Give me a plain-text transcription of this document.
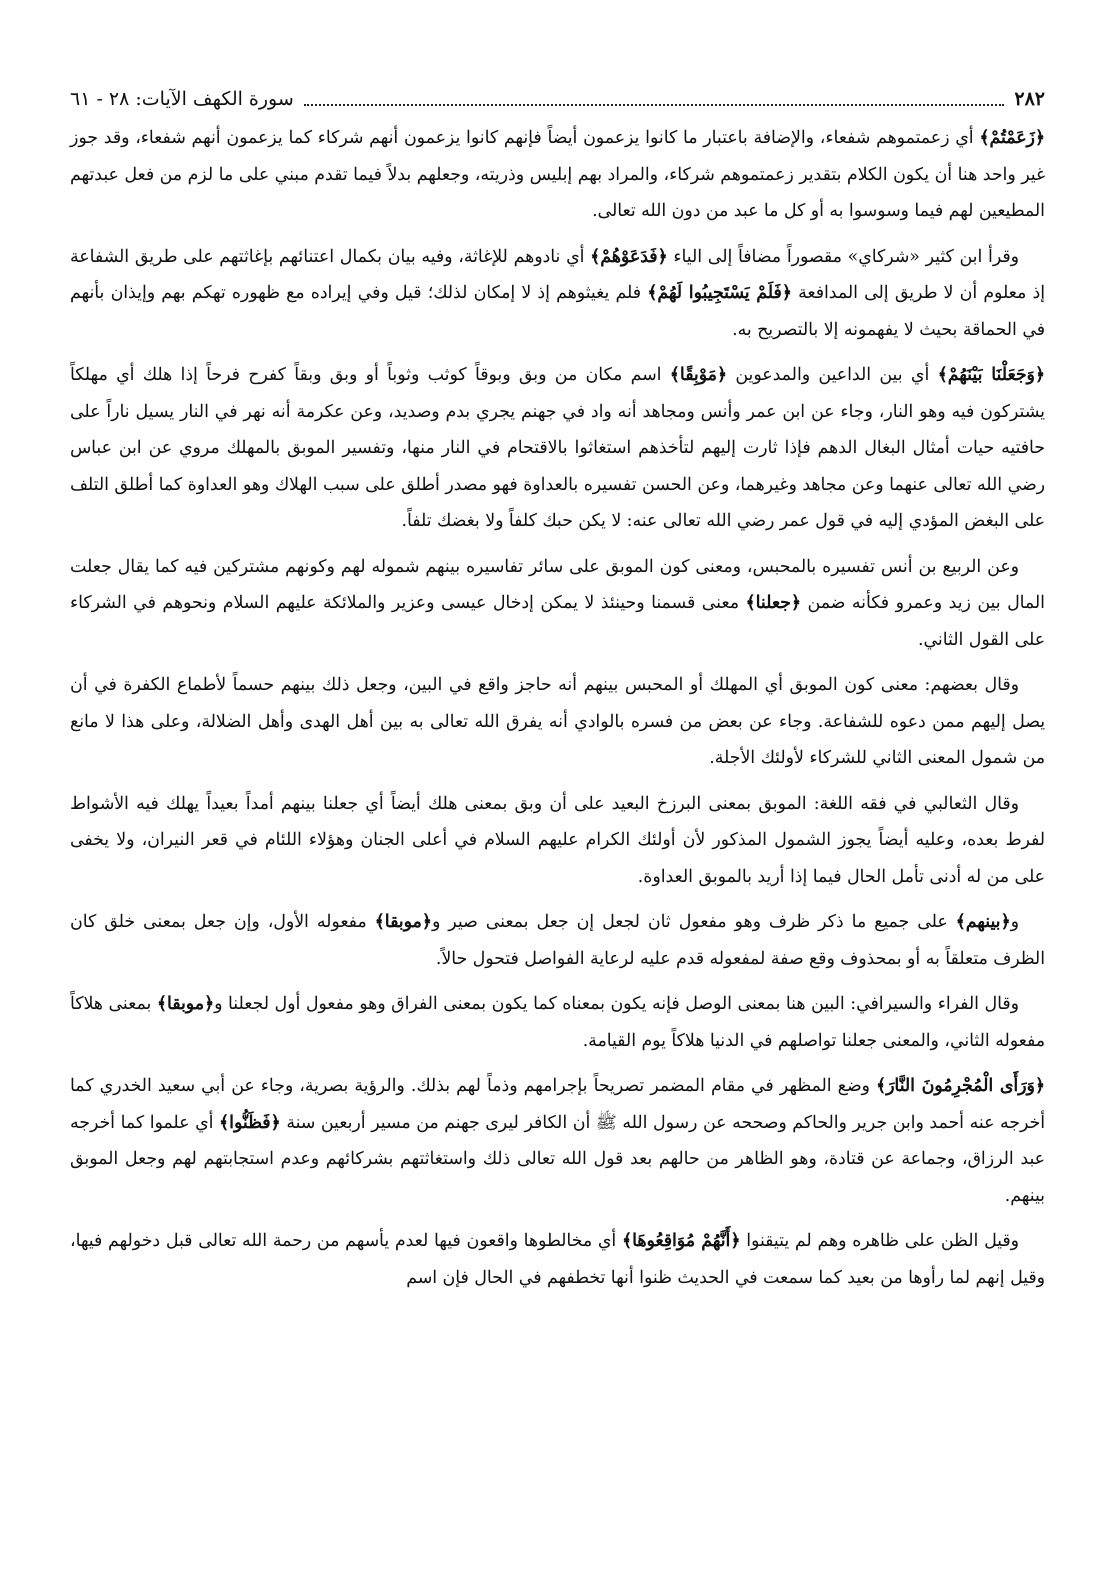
٢٨٢
سورة الكهف الآيات: ٢٨ - ٦١

﴿زَعَمْتُمْ﴾ أي زعمتموهم شفعاء، والإضافة باعتبار ما كانوا يزعمون أيضاً فإنهم كانوا يزعمون أنهم شركاء كما يزعمون أنهم شفعاء، وقد جوز غير واحد هنا أن يكون الكلام بتقدير زعمتموهم شركاء، والمراد بهم إبليس وذريته، وجعلهم بدلاً فيما تقدم مبني على ما لزم من فعل عبدتهم المطيعين لهم فيما وسوسوا به أو كل ما عبد من دون الله تعالى.

وقرأ ابن كثير «شركاي» مقصوراً مضافاً إلى الياء ﴿فَدَعَوْهُمْ﴾ أي نادوهم للإغاثة، وفيه بيان بكمال اعتنائهم بإغاثتهم على طريق الشفاعة إذ معلوم أن لا طريق إلى المدافعة ﴿فَلَمْ يَسْتَجِيبُوا لَهُمْ﴾ فلم يغيثوهم إذ لا إمكان لذلك؛ قيل وفي إيراده مع ظهوره تهكم بهم وإيذان بأنهم في الحماقة بحيث لا يفهمونه إلا بالتصريح به.

﴿وَجَعَلْنَا بَيْنَهُمْ﴾ أي بين الداعين والمدعوين ﴿مَوْبِقًا﴾ اسم مكان من وبق وبوقاً كوثب وثوباً أو وبق وبقاً كفرح فرحاً إذا هلك أي مهلكاً يشتركون فيه وهو النار، وجاء عن ابن عمر وأنس ومجاهد أنه واد في جهنم يجري بدم وصديد، وعن عكرمة أنه نهر في النار يسيل ناراً على حافتيه حيات أمثال البغال الدهم فإذا ثارت إليهم لتأخذهم استغاثوا بالاقتحام في النار منها، وتفسير الموبق بالمهلك مروي عن ابن عباس رضي الله تعالى عنهما وعن مجاهد وغيرهما، وعن الحسن تفسيره بالعداوة فهو مصدر أطلق على سبب الهلاك وهو العداوة كما أطلق التلف على البغض المؤدي إليه في قول عمر رضي الله تعالى عنه: لا يكن حبك كلفاً ولا بغضك تلفاً.

وعن الربيع بن أنس تفسيره بالمحبس، ومعنى كون الموبق على سائر تفاسيره بينهم شموله لهم وكونهم مشتركين فيه كما يقال جعلت المال بين زيد وعمرو فكأنه ضمن ﴿جعلنا﴾ معنى قسمنا وحينئذ لا يمكن إدخال عيسى وعزير والملائكة عليهم السلام ونحوهم في الشركاء على القول الثاني.

وقال بعضهم: معنى كون الموبق أي المهلك أو المحبس بينهم أنه حاجز واقع في البين، وجعل ذلك بينهم حسماً لأطماع الكفرة في أن يصل إليهم ممن دعوه للشفاعة. وجاء عن بعض من فسره بالوادي أنه يفرق الله تعالى به بين أهل الهدى وأهل الضلالة، وعلى هذا لا مانع من شمول المعنى الثاني للشركاء لأولئك الأجلة.

وقال الثعالبي في فقه اللغة: الموبق بمعنى البرزخ البعيد على أن وبق بمعنى هلك أيضاً أي جعلنا بينهم أمداً بعيداً يهلك فيه الأشواط لفرط بعده، وعليه أيضاً يجوز الشمول المذكور لأن أولئك الكرام عليهم السلام في أعلى الجنان وهؤلاء اللئام في قعر النيران، ولا يخفى على من له أدنى تأمل الحال فيما إذا أريد بالموبق العداوة.

و﴿بينهم﴾ على جميع ما ذكر ظرف وهو مفعول ثان لجعل إن جعل بمعنى صير و﴿موبقا﴾ مفعوله الأول، وإن جعل بمعنى خلق كان الظرف متعلقاً به أو بمحذوف وقع صفة لمفعوله قدم عليه لرعاية الفواصل فتحول حالاً.

وقال الفراء والسيرافي: البين هنا بمعنى الوصل فإنه يكون بمعناه كما يكون بمعنى الفراق وهو مفعول أول لجعلنا و﴿موبقا﴾ بمعنى هلاكاً مفعوله الثاني، والمعنى جعلنا تواصلهم في الدنيا هلاكاً يوم القيامة.

﴿وَرَأَى الْمُجْرِمُونَ النَّارَ﴾ وضع المظهر في مقام المضمر تصريحاً بإجرامهم وذماً لهم بذلك. والرؤية بصرية، وجاء عن أبي سعيد الخدري كما أخرجه عنه أحمد وابن جرير والحاكم وصححه عن رسول الله ﷺ أن الكافر ليرى جهنم من مسير أربعين سنة ﴿فَظَنُّوا﴾ أي علموا كما أخرجه عبد الرزاق، وجماعة عن قتادة، وهو الظاهر من حالهم بعد قول الله تعالى ذلك واستغاثتهم بشركائهم وعدم استجابتهم لهم وجعل الموبق بينهم.

وقيل الظن على ظاهره وهم لم يتيقنوا ﴿أَنَّهُمْ مُوَاقِعُوهَا﴾ أي مخالطوها واقعون فيها لعدم يأسهم من رحمة الله تعالى قبل دخولهم فيها، وقيل إنهم لما رأوها من بعيد كما سمعت في الحديث ظنوا أنها تخطفهم في الحال فإن اسم
